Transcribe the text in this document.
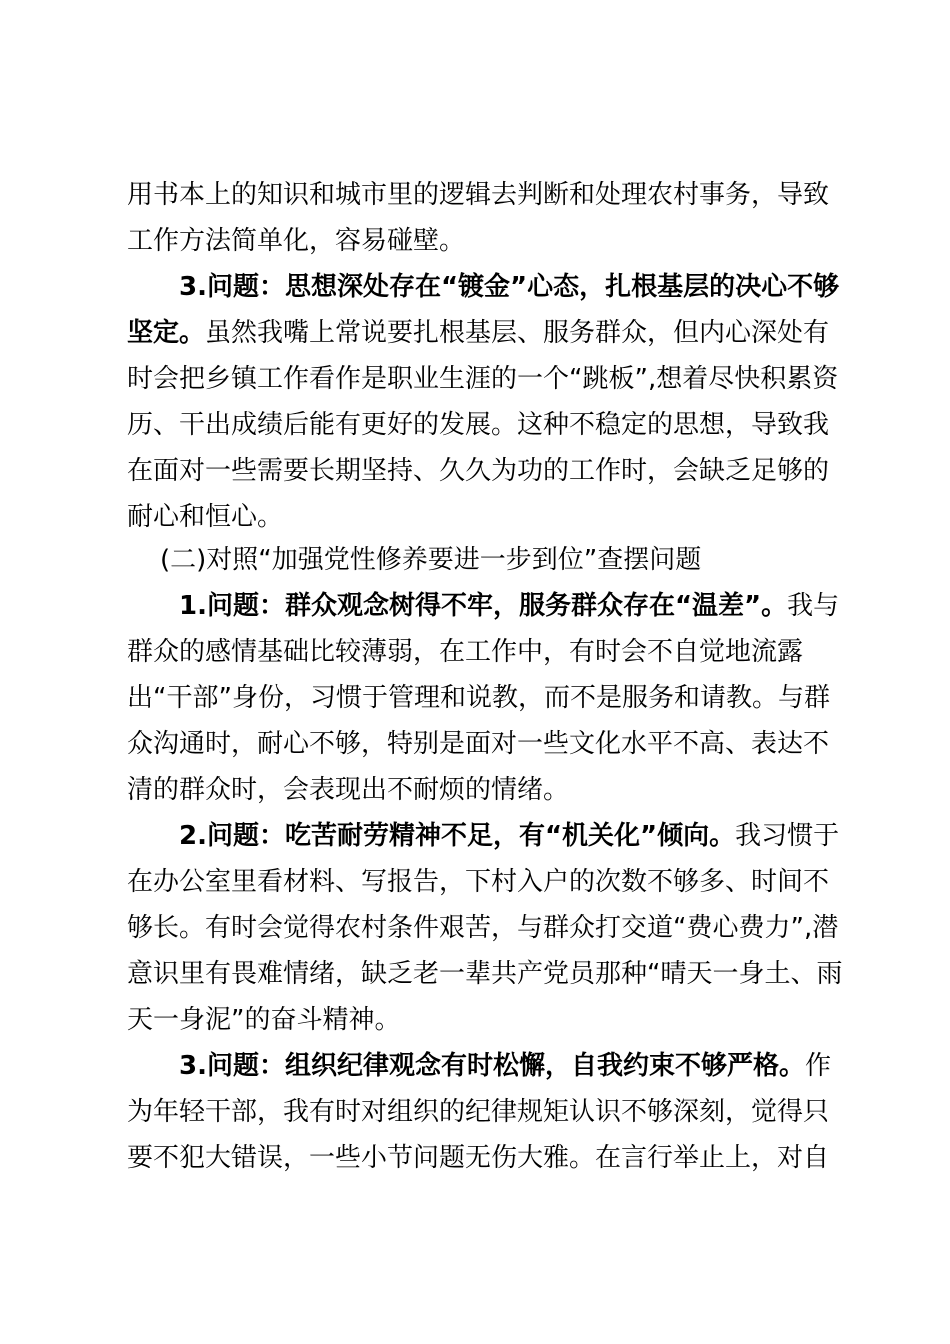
用书本上的知识和城市里的逻辑去判断和处理农村事务，导致
工作方法简单化，容易碰壁。
3.问题：思想深处存在“镀金”心态，扎根基层的决心不够
坚定。虽然我嘴上常说要扎根基层、服务群众，但内心深处有
时会把乡镇工作看作是职业生涯的一个“跳板”,想着尽快积累资
历、干出成绩后能有更好的发展。这种不稳定的思想，导致我
在面对一些需要长期坚持、久久为功的工作时，会缺乏足够的
耐心和恒心。
(二)对照“加强党性修养要进一步到位”查摆问题
1.问题：群众观念树得不牢，服务群众存在“温差”。我与
群众的感情基础比较薄弱，在工作中，有时会不自觉地流露
出“干部”身份，习惯于管理和说教，而不是服务和请教。与群
众沟通时，耐心不够，特别是面对一些文化水平不高、表达不
清的群众时，会表现出不耐烦的情绪。
2.问题：吃苦耐劳精神不足，有“机关化”倾向。我习惯于
在办公室里看材料、写报告，下村入户的次数不够多、时间不
够长。有时会觉得农村条件艰苦，与群众打交道“费心费力”,潜
意识里有畏难情绪，缺乏老一辈共产党员那种“晴天一身土、雨
天一身泥”的奋斗精神。
3.问题：组织纪律观念有时松懈，自我约束不够严格。作
为年轻干部，我有时对组织的纪律规矩认识不够深刻，觉得只
要不犯大错误，一些小节问题无伤大雅。在言行举止上，对自
